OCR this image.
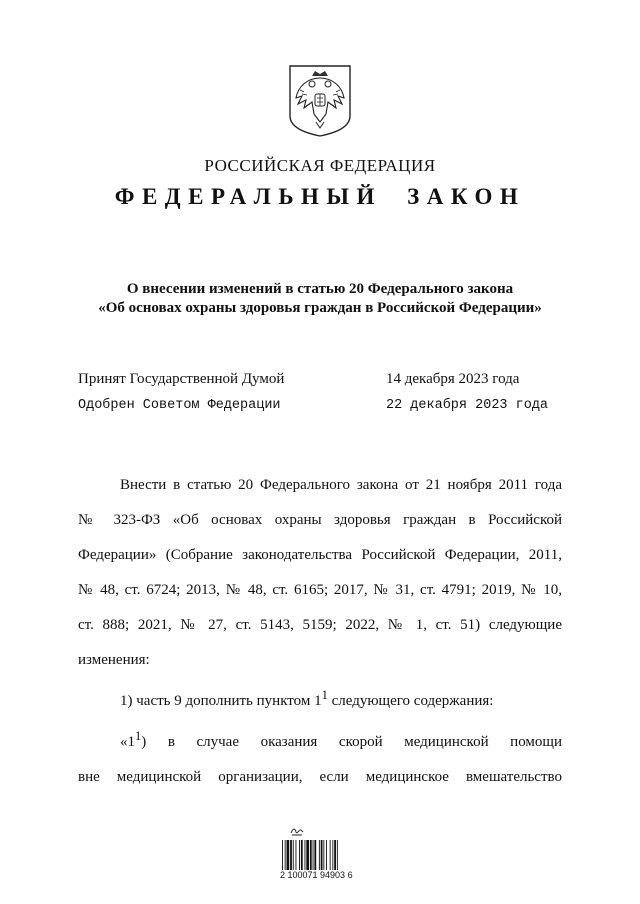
РОССИЙСКАЯ ФЕДЕРАЦИЯ
ФЕДЕРАЛЬНЫЙ ЗАКОН
О внесении изменений в статью 20 Федерального закона
«Об основах охраны здоровья граждан в Российской Федерации»
Принят Государственной Думой	14 декабря 2023 года
Одобрен Советом Федерации	22 декабря 2023 года

Внести в статью 20 Федерального закона от 21 ноября 2011 года

№ 323-ФЗ «Об основах охраны здоровья граждан в Российской

Федерации» (Собрание законодательства Российской Федерации, 2011,

№ 48, ст. 6724; 2013, № 48, ст. 6165; 2017, № 31, ст. 4791; 2019, № 10,

ст. 888; 2021, № 27, ст. 5143, 5159; 2022, № 1, ст. 51) следующие

изменения:

1) часть 9 дополнить пунктом $1^1$ следующего содержания:

«$1^1$) в случае оказания скорой медицинской помощи

вне медицинской организации, если медицинское вмешательство

2 100071 94903 6
